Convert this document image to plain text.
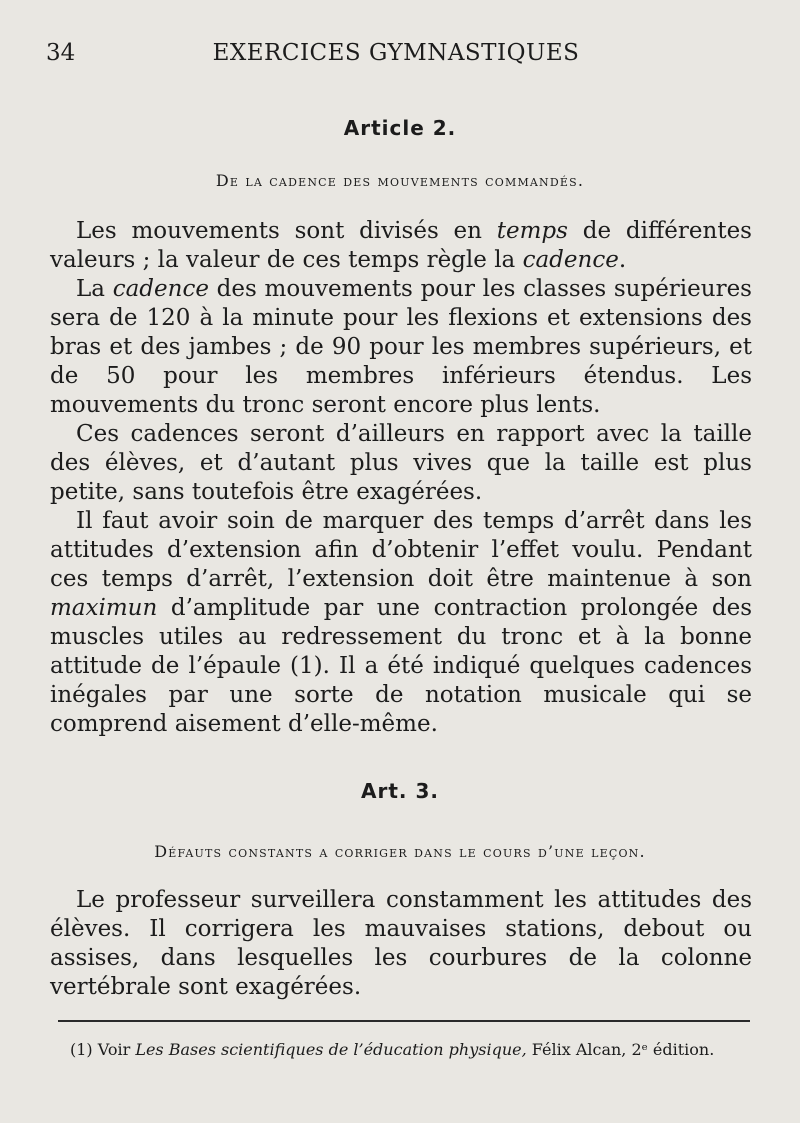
34	EXERCICES GYMNASTIQUES
Article 2.
De la cadence des mouvements commandés.

Les mouvements sont divisés en temps de différentes valeurs ; la valeur de ces temps règle la cadence.

La cadence des mouvements pour les classes supérieures sera de 120 à la minute pour les flexions et extensions des bras et des jambes ; de 90 pour les membres supérieurs, et de 50 pour les membres inférieurs étendus. Les mouvements du tronc seront encore plus lents.

Ces cadences seront d’ailleurs en rapport avec la taille des élèves, et d’autant plus vives que la taille est plus petite, sans toutefois être exagérées.

Il faut avoir soin de marquer des temps d’arrêt dans les attitudes d’extension afin d’obtenir l’effet voulu. Pendant ces temps d’arrêt, l’extension doit être maintenue à son maximun d’amplitude par une contraction prolongée des muscles utiles au redressement du tronc et à la bonne attitude de l’épaule (1). Il a été indiqué quelques cadences inégales par une sorte de notation musicale qui se comprend aisement d’elle-même.

Art. 3.
Défauts constants a corriger dans le cours d’une leçon.

Le professeur surveillera constamment les attitudes des élèves. Il corrigera les mauvaises stations, debout ou assises, dans lesquelles les courbures de la colonne vertébrale sont exagérées.

(1) Voir Les Bases scientifiques de l’éducation physique, Félix Alcan, 2ᵉ édition.
